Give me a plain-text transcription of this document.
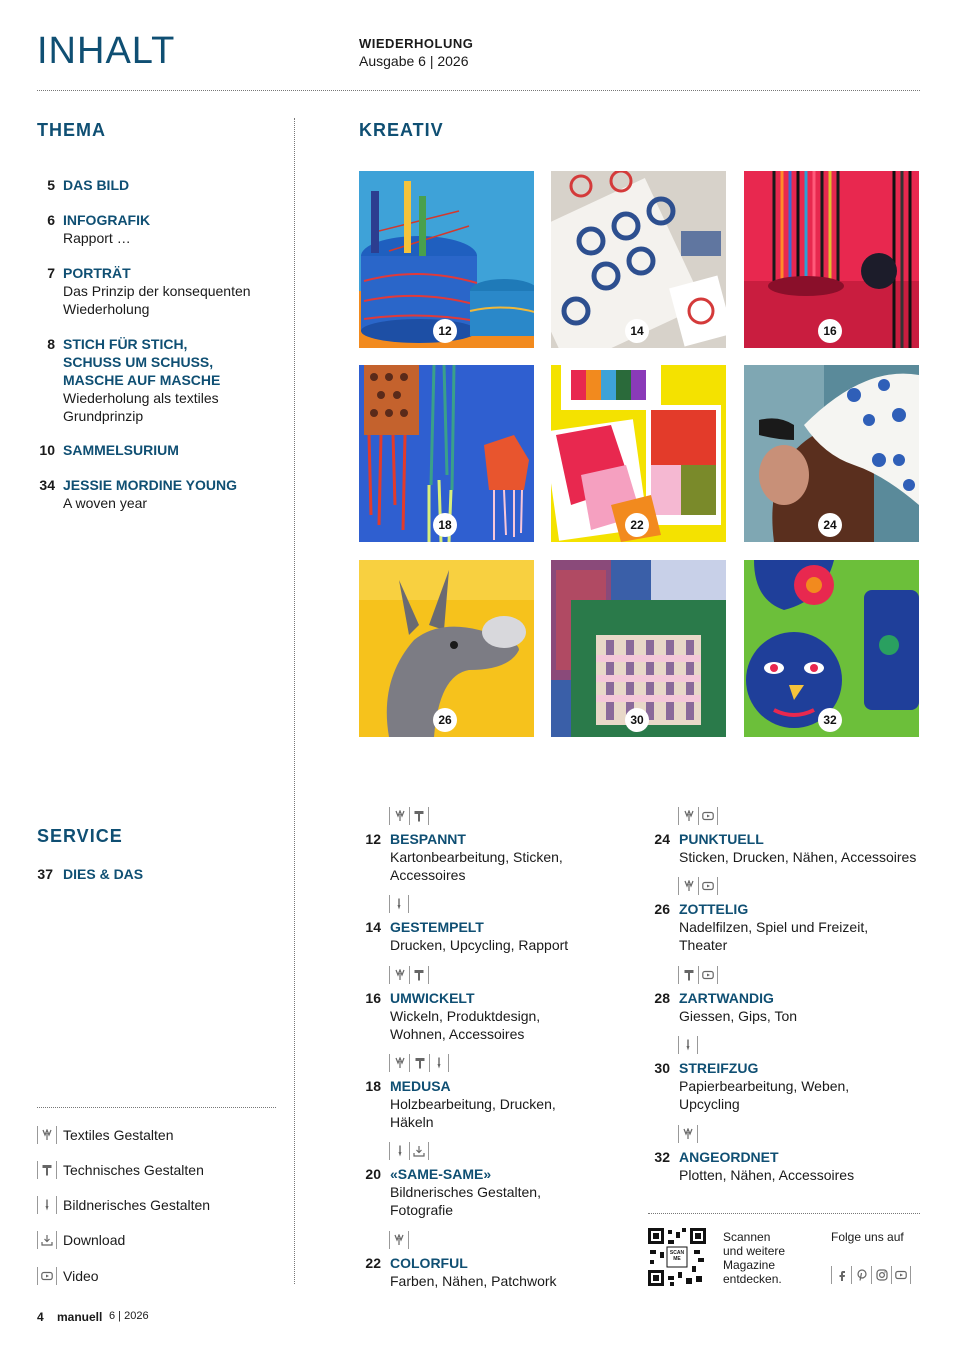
INHALT	WIEDERHOLUNG
Ausgabe 6 | 2026
THEMA
5 DAS BILD
6 INFOGRAFIK
Rapport …
7 PORTRÄT
Das Prinzip der konsequenten
Wiederholung
8 STICH FÜR STICH,
SCHUSS UM SCHUSS,
MASCHE AUF MASCHE
Wiederholung als textiles
Grundprinzip
10 SAMMELSURIUM
34 JESSIE MORDINE YOUNG
A woven year
SERVICE
37 DIES & DAS
Textiles Gestalten
Technisches Gestalten
Bildnerisches Gestalten
Download
Video
KREATIV
12	14	16
18	22	24
26	30	32
12 BESPANNT
Kartonbearbeitung, Sticken,
Accessoires
14 GESTEMPELT
Drucken, Upcycling, Rapport
16 UMWICKELT
Wickeln, Produktdesign,
Wohnen, Accessoires
18 MEDUSA
Holzbearbeitung, Drucken,
Häkeln
20 «SAME-SAME»
Bildnerisches Gestalten,
Fotografie
22 COLORFUL
Farben, Nähen, Patchwork
24 PUNKTUELL
Sticken, Drucken, Nähen, Accessoires
26 ZOTTELIG
Nadelfilzen, Spiel und Freizeit,
Theater
28 ZARTWANDIG
Giessen, Gips, Ton
30 STREIFZUG
Papierbearbeitung, Weben,
Upcycling
32 ANGEORDNET
Plotten, Nähen, Accessoires
SCAN
ME
Scannen
und weitere
Magazine
entdecken.
Folge uns auf
4 manuell 6 | 2026
